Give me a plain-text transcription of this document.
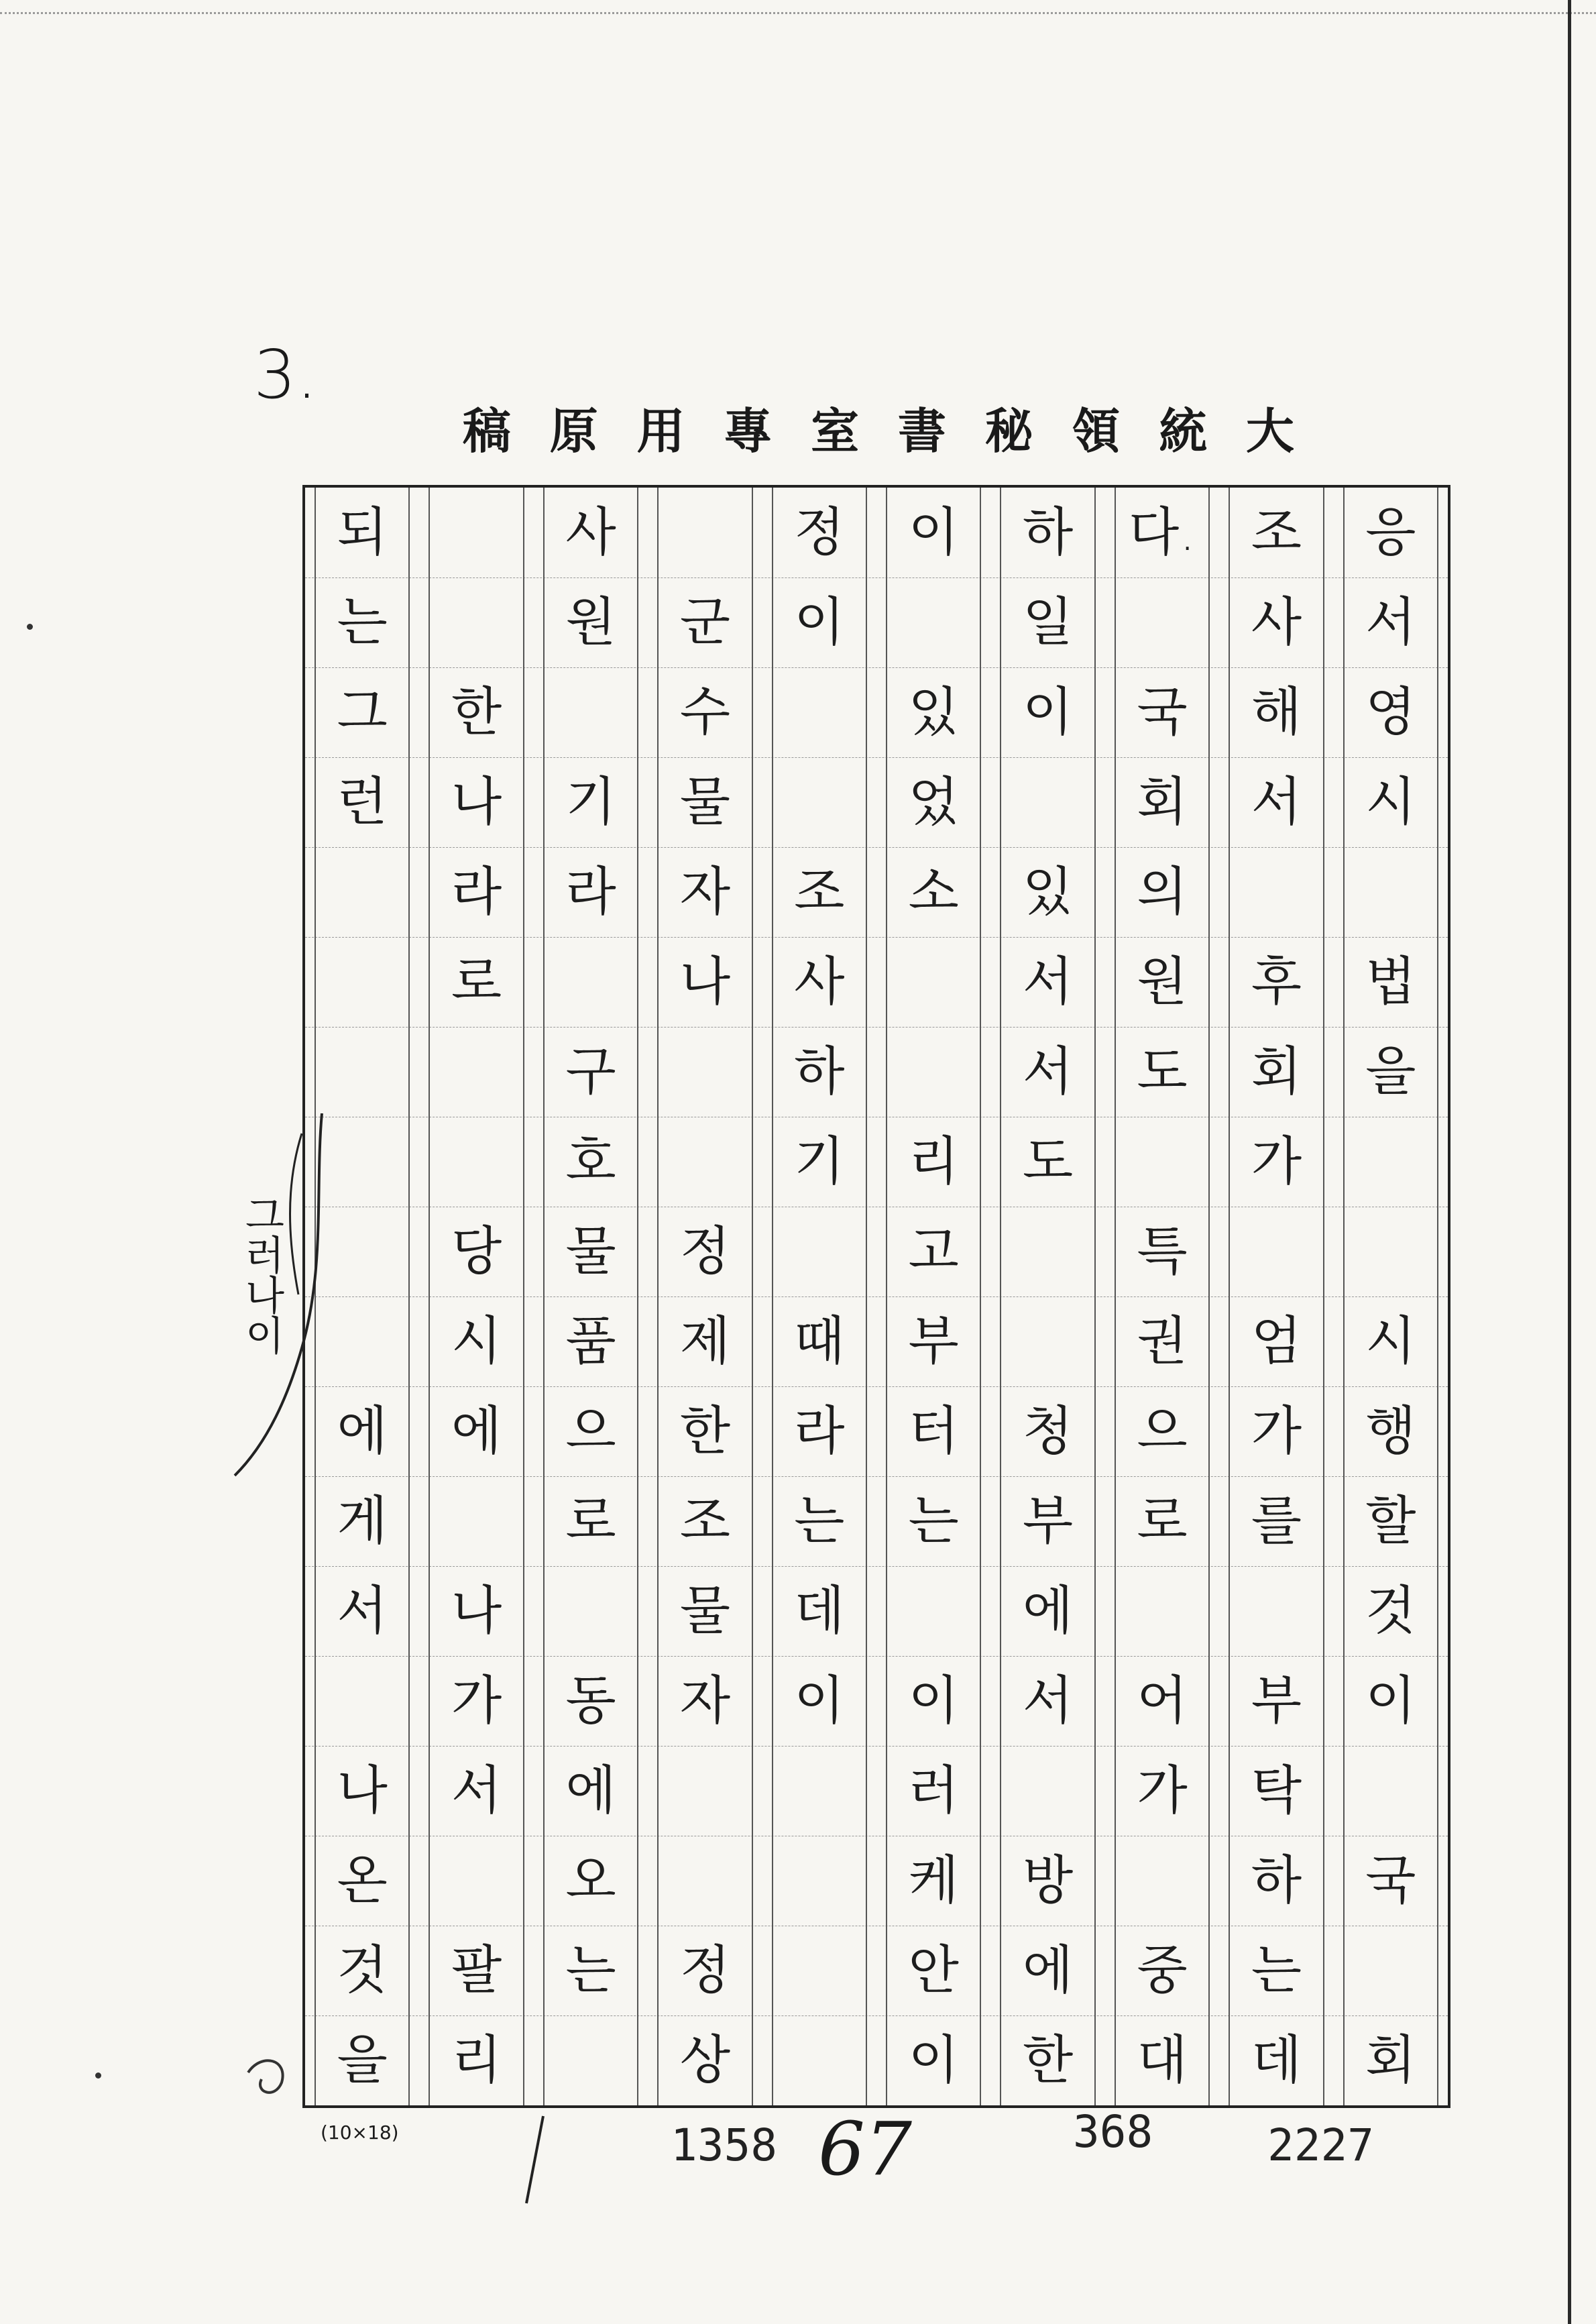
3.
大
統
領
秘
書
室
專
用
原
稿
응
서
영
시
법
을
시
행
할
것
이
국
회
조
사
해
서
후
회
가
엄
가
를
부
탁
하
는
데
다.
국
회
의
원
도
특
권
으
로
어
가
중
대
하
일
이
있
서
서
도
청
부
에
서
방
에
한
이
있
었
소
리
고
부
터
는
이
러
케
안
이
정
이
조
사
하
기
때
라
는
데
이
군
수
물
자
나
정
제
한
조
물
자
정
상
사
원
기
라
구
호
물
품
으
로
동
에
오
는
한
나
라
로
당
시
에
나
가
서
팔
리
되
는
그
런
에
게
서
나
온
것
을
그러나이
(10×18)	1358 67	368	2227
